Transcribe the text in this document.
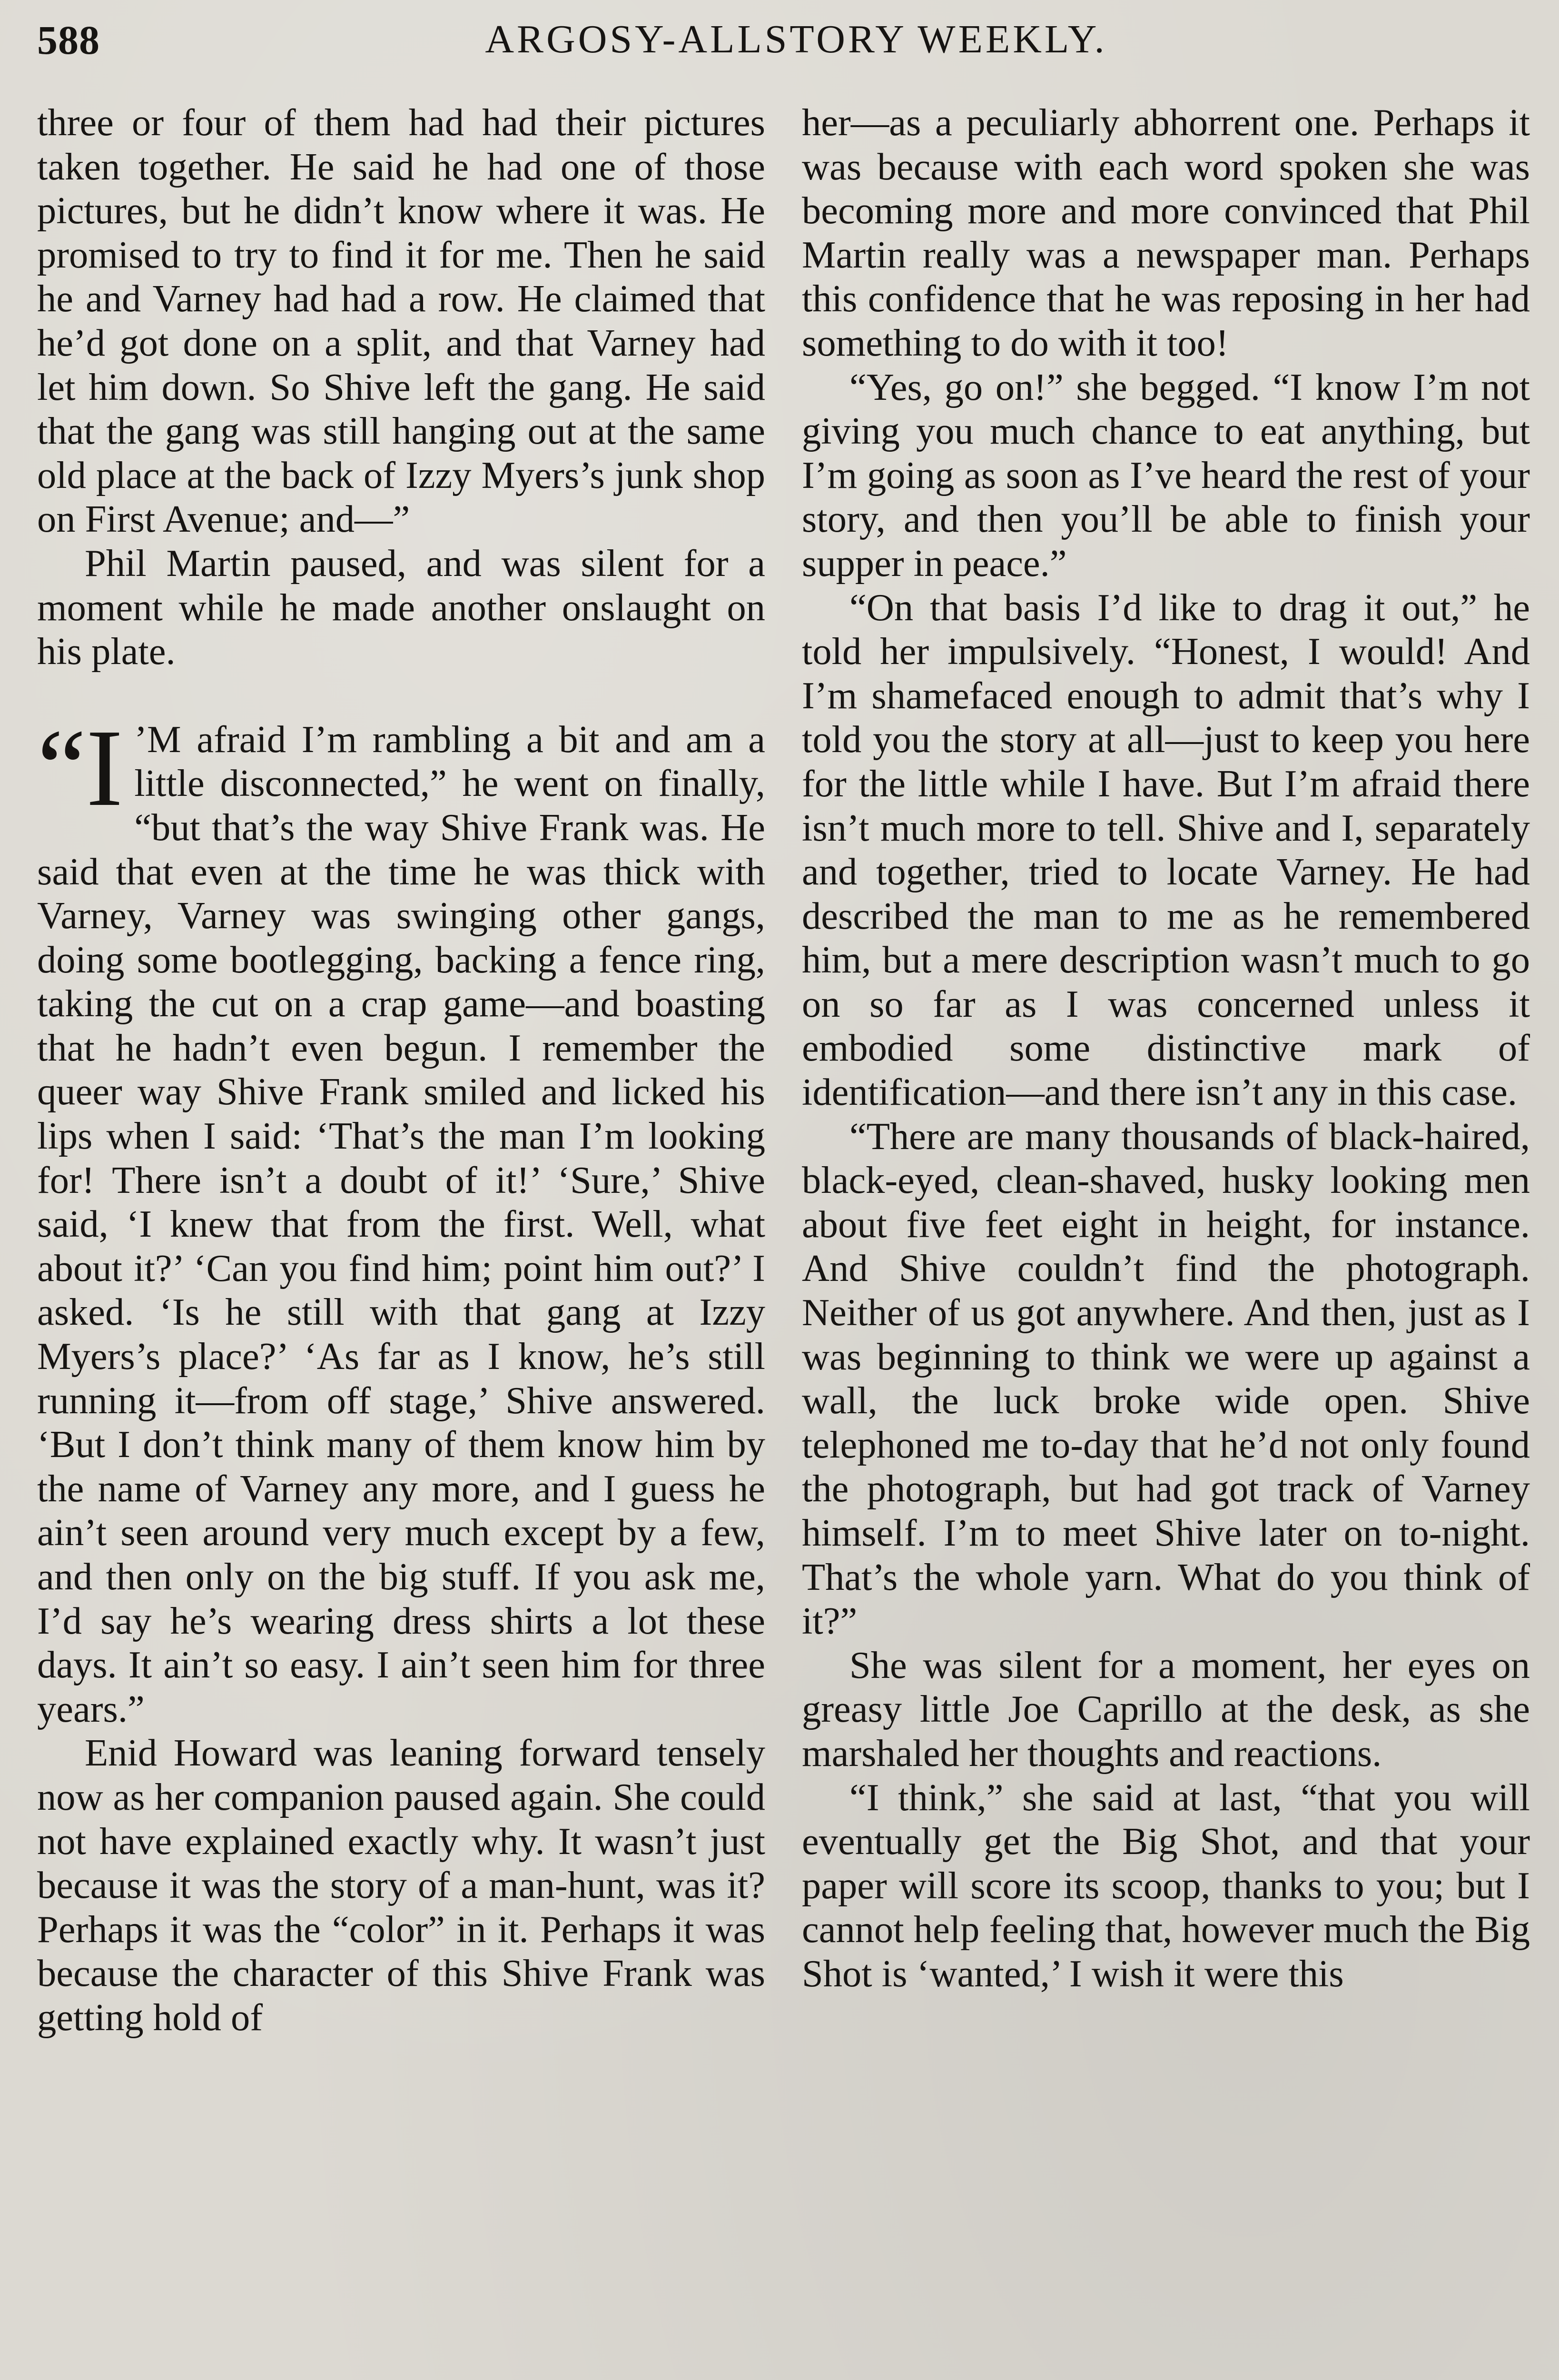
588	ARGOSY-ALLSTORY WEEKLY.

three or four of them had had their pictures taken together. He said he had one of those pictures, but he didn’t know where it was. He promised to try to find it for me. Then he said he and Varney had had a row. He claimed that he’d got done on a split, and that Varney had let him down. So Shive left the gang. He said that the gang was still hanging out at the same old place at the back of Izzy Myers’s junk shop on First Avenue; and—”

Phil Martin paused, and was silent for a moment while he made another onslaught on his plate.

“I ’M afraid I’m rambling a bit and am a little disconnected,” he went on finally, “but that’s the way Shive Frank was. He said that even at the time he was thick with Varney, Varney was swinging other gangs, doing some bootlegging, backing a fence ring, taking the cut on a crap game—and boasting that he hadn’t even begun. I remember the queer way Shive Frank smiled and licked his lips when I said: ‘That’s the man I’m looking for! There isn’t a doubt of it!’ ‘Sure,’ Shive said, ‘I knew that from the first. Well, what about it?’ ‘Can you find him; point him out?’ I asked. ‘Is he still with that gang at Izzy Myers’s place?’ ‘As far as I know, he’s still running it—from off stage,’ Shive answered. ‘But I don’t think many of them know him by the name of Varney any more, and I guess he ain’t seen around very much except by a few, and then only on the big stuff. If you ask me, I’d say he’s wearing dress shirts a lot these days. It ain’t so easy. I ain’t seen him for three years.”

Enid Howard was leaning forward tensely now as her companion paused again. She could not have explained exactly why. It wasn’t just because it was the story of a man-hunt, was it? Perhaps it was the “color” in it. Perhaps it was because the character of this Shive Frank was getting hold of

her—as a peculiarly abhorrent one. Perhaps it was because with each word spoken she was becoming more and more convinced that Phil Martin really was a newspaper man. Perhaps this confidence that he was reposing in her had something to do with it too!

“Yes, go on!” she begged. “I know I’m not giving you much chance to eat anything, but I’m going as soon as I’ve heard the rest of your story, and then you’ll be able to finish your supper in peace.”

“On that basis I’d like to drag it out,” he told her impulsively. “Honest, I would! And I’m shamefaced enough to admit that’s why I told you the story at all—just to keep you here for the little while I have. But I’m afraid there isn’t much more to tell. Shive and I, separately and together, tried to locate Varney. He had described the man to me as he remembered him, but a mere description wasn’t much to go on so far as I was concerned unless it embodied some distinctive mark of identification—and there isn’t any in this case.

“There are many thousands of black-haired, black-eyed, clean-shaved, husky looking men about five feet eight in height, for instance. And Shive couldn’t find the photograph. Neither of us got anywhere. And then, just as I was beginning to think we were up against a wall, the luck broke wide open. Shive telephoned me to-day that he’d not only found the photograph, but had got track of Varney himself. I’m to meet Shive later on to-night. That’s the whole yarn. What do you think of it?”

She was silent for a moment, her eyes on greasy little Joe Caprillo at the desk, as she marshaled her thoughts and reactions.

“I think,” she said at last, “that you will eventually get the Big Shot, and that your paper will score its scoop, thanks to you; but I cannot help feeling that, however much the Big Shot is ‘wanted,’ I wish it were this
